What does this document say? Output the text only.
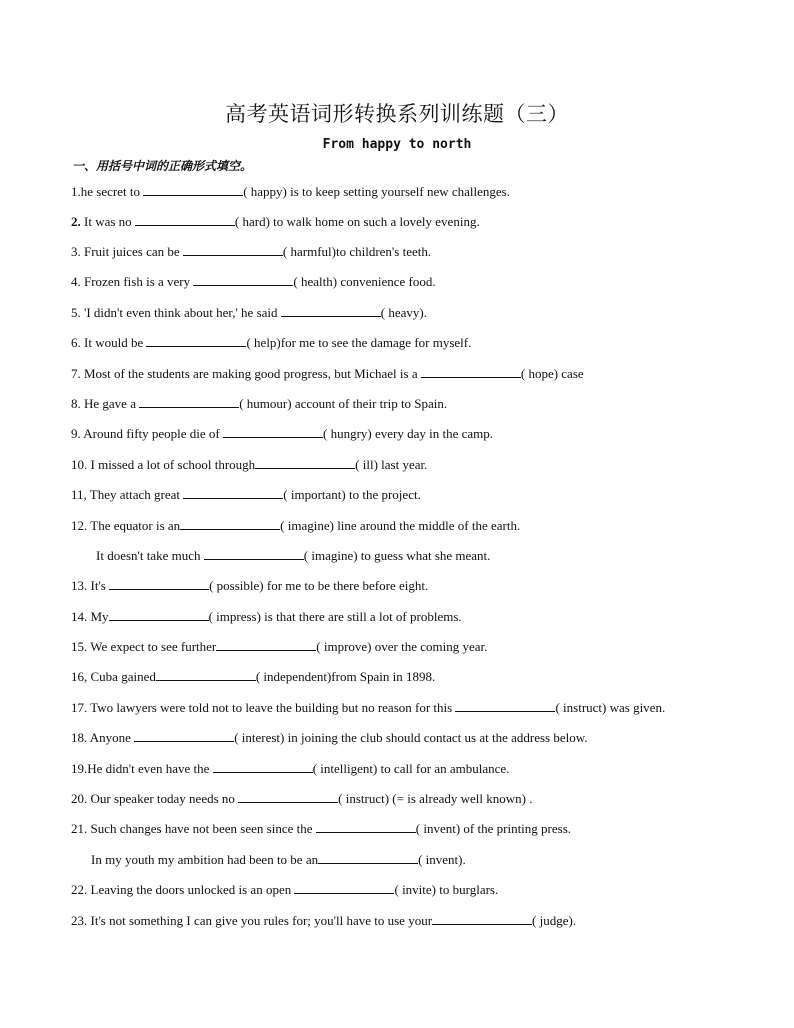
高考英语词形转换系列训练题（三）
From happy to north
一、用括号中词的正确形式填空。
1.he secret to	( happy) is to keep setting yourself new challenges.
2. It was no	( hard) to walk home on such a lovely evening.
3. Fruit juices can be	( harmful)to children's teeth.
4. Frozen fish is a very	( health) convenience food.
5. 'I didn't even think about her,' he said	( heavy).
6. It would be	( help)for me to see the damage for myself.
7. Most of the students are making good progress, but Michael is a	( hope) case
8. He gave a	( humour) account of their trip to Spain.
9. Around fifty people die of	( hungry) every day in the camp.
10. I missed a lot of school through	( ill) last year.
11, They attach great	( important) to the project.
12. The equator is an	( imagine) line around the middle of the earth.
It doesn't take much	( imagine) to guess what she meant.
13. It's	( possible) for me to be there before eight.
14. My	( impress) is that there are still a lot of problems.
15. We expect to see further	( improve) over the coming year.
16, Cuba gained	( independent)from Spain in 1898.
17. Two lawyers were told not to leave the building but no reason for this	( instruct) was given.
18. Anyone	( interest) in joining the club should contact us at the address below.
19.He didn't even have the	( intelligent) to call for an ambulance.
20. Our speaker today needs no	( instruct) (= is already well known) .
21. Such changes have not been seen since the	( invent) of the printing press.
In my youth my ambition had been to be an	( invent).
22. Leaving the doors unlocked is an open	( invite) to burglars.
23. It's not something I can give you rules for; you'll have to use your	( judge).
